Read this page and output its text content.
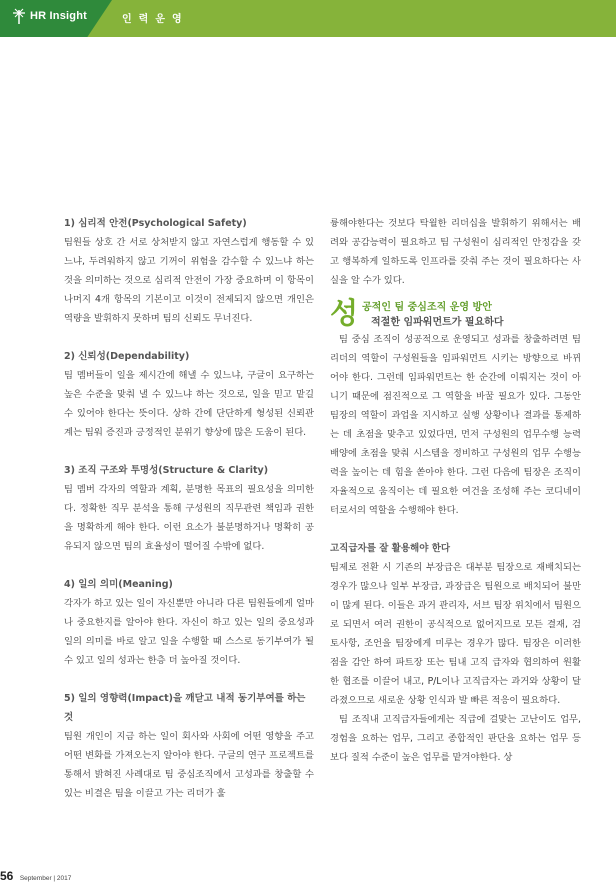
HR Insight	인력운영
1) 심리적 안전(Psychological Safety)

팀원들 상호 간 서로 상처받지 않고 자연스럽게 행동할 수 있느냐, 두려워하지 않고 기꺼이 위험을 감수할 수 있느냐 하는 것을 의미하는 것으로 심리적 안전이 가장 중요하며 이 항목이 나머지 4개 항목의 기본이고 이것이 전제되지 않으면 개인은 역량을 발휘하지 못하며 팀의 신뢰도 무너진다.

2) 신뢰성(Dependability)

팀 멤버들이 일을 제시간에 해낼 수 있느냐, 구글이 요구하는 높은 수준을 맞춰 낼 수 있느냐 하는 것으로, 일을 믿고 맡길 수 있어야 한다는 뜻이다. 상하 간에 단단하게 형성된 신뢰관계는 팀워 증진과 긍정적인 분위기 향상에 많은 도움이 된다.

3) 조직 구조와 투명성(Structure & Clarity)

팀 멤버 각자의 역할과 계획, 분명한 목표의 필요성을 의미한다. 정확한 직무 분석을 통해 구성원의 직무관련 책임과 권한을 명확하게 해야 한다. 이런 요소가 불분명하거나 명확히 공유되지 않으면 팀의 효율성이 떨어질 수밖에 없다.

4) 일의 의미(Meaning)

각자가 하고 있는 일이 자신뿐만 아니라 다른 팀원들에게 얼마나 중요한지를 알아야 한다. 자신이 하고 있는 일의 중요성과 일의 의미를 바로 알고 일을 수행할 때 스스로 동기부여가 될 수 있고 일의 성과는 한층 더 높아질 것이다.

5) 일의 영향력(Impact)을 깨닫고 내적 동기부여를 하는 것

팀원 개인이 지금 하는 일이 회사와 사회에 어떤 영향을 주고 어떤 변화를 가져오는지 알아야 한다. 구글의 연구 프로젝트를 통해서 밝혀진 사례대로 팀 중심조직에서 고성과를 창출할 수 있는 비결은 팀을 이끌고 가는 리더가 훌

륭해야한다는 것보다 탁월한 리더십을 발휘하기 위해서는 배려와 공감능력이 필요하고 팀 구성원이 심리적인 안정감을 갖고 행복하게 일하도록 인프라를 갖춰 주는 것이 필요하다는 사실을 알 수가 있다.

성 공적인 팀 중심조직 운영 방안
적절한 임파워먼트가 필요하다

팀 중심 조직이 성공적으로 운영되고 성과를 창출하려면 팀 리더의 역할이 구성원들을 임파워먼트 시키는 방향으로 바뀌어야 한다. 그런데 임파워먼트는 한 순간에 이뤄지는 것이 아니기 때문에 점진적으로 그 역할을 바꿀 필요가 있다. 그동안 팀장의 역할이 과업을 지시하고 실행 상황이나 결과를 통제하는 데 초점을 맞추고 있었다면, 먼저 구성원의 업무수행 능력 배양에 초점을 맞춰 시스템을 정비하고 구성원의 업무 수행능력을 높이는 데 힘을 쏟아야 한다. 그런 다음에 팀장은 조직이 자율적으로 움직이는 데 필요한 여건을 조성해 주는 코디네이터로서의 역할을 수행해야 한다.

고직급자를 잘 활용해야 한다

팀제로 전환 시 기존의 부장급은 대부분 팀장으로 재배치되는 경우가 많으나 일부 부장급, 과장급은 팀원으로 배치되어 불만이 많게 된다. 이들은 과거 관리자, 서브 팀장 위치에서 팀원으로 되면서 여러 권한이 공식적으로 없어지므로 모든 결재, 검토사항, 조언을 팀장에게 미루는 경우가 많다. 팀장은 이러한 점을 감안 하여 파트장 또는 팀내 고직 급자와 협의하여 원활한 협조를 이끌어 내고, P/L이나 고직급자는 과거와 상황이 달라졌으므로 새로운 상황 인식과 발 빠른 적응이 필요하다.

팀 조직내 고직급자들에게는 직급에 걸맞는 고난이도 업무, 경험을 요하는 업무, 그리고 종합적인 판단을 요하는 업무 등 보다 질적 수준이 높은 업무를 맡겨야한다. 상

56 September | 2017
